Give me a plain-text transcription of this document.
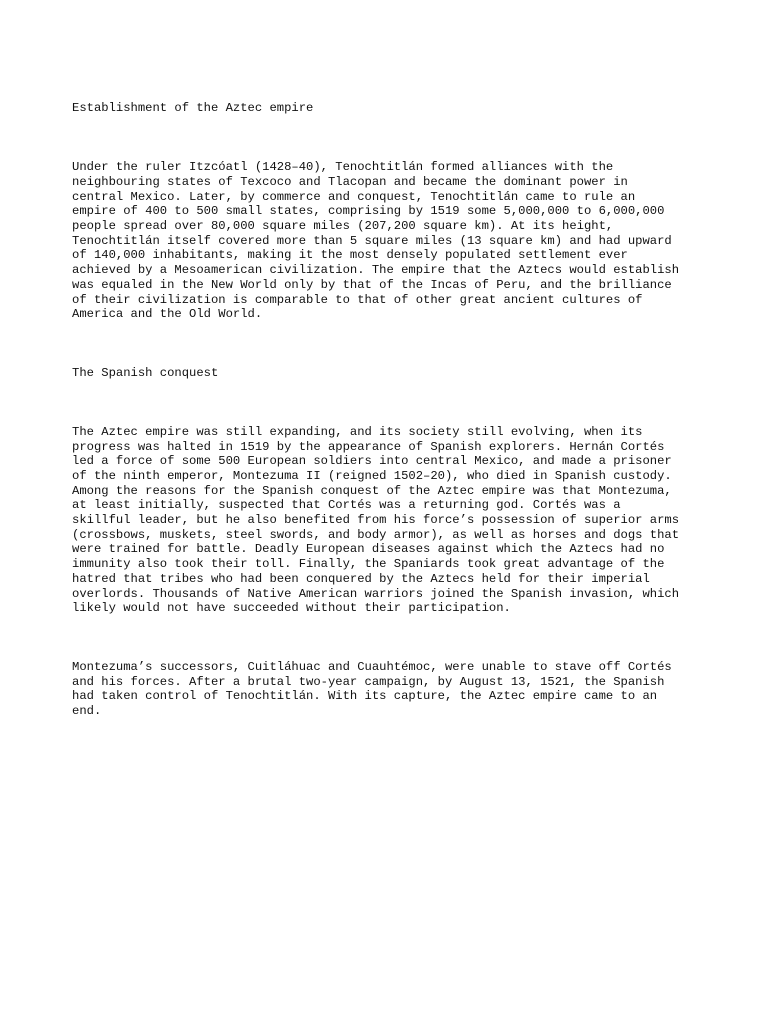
Establishment of the Aztec empire

Under the ruler Itzcóatl (1428–40), Tenochtitlán formed alliances with the
neighbouring states of Texcoco and Tlacopan and became the dominant power in
central Mexico. Later, by commerce and conquest, Tenochtitlán came to rule an
empire of 400 to 500 small states, comprising by 1519 some 5,000,000 to 6,000,000
people spread over 80,000 square miles (207,200 square km). At its height,
Tenochtitlán itself covered more than 5 square miles (13 square km) and had upward
of 140,000 inhabitants, making it the most densely populated settlement ever
achieved by a Mesoamerican civilization. The empire that the Aztecs would establish
was equaled in the New World only by that of the Incas of Peru, and the brilliance
of their civilization is comparable to that of other great ancient cultures of
America and the Old World.

The Spanish conquest

The Aztec empire was still expanding, and its society still evolving, when its
progress was halted in 1519 by the appearance of Spanish explorers. Hernán Cortés
led a force of some 500 European soldiers into central Mexico, and made a prisoner
of the ninth emperor, Montezuma II (reigned 1502–20), who died in Spanish custody.
Among the reasons for the Spanish conquest of the Aztec empire was that Montezuma,
at least initially, suspected that Cortés was a returning god. Cortés was a
skillful leader, but he also benefited from his force’s possession of superior arms
(crossbows, muskets, steel swords, and body armor), as well as horses and dogs that
were trained for battle. Deadly European diseases against which the Aztecs had no
immunity also took their toll. Finally, the Spaniards took great advantage of the
hatred that tribes who had been conquered by the Aztecs held for their imperial
overlords. Thousands of Native American warriors joined the Spanish invasion, which
likely would not have succeeded without their participation.

Montezuma’s successors, Cuitláhuac and Cuauhtémoc, were unable to stave off Cortés
and his forces. After a brutal two-year campaign, by August 13, 1521, the Spanish
had taken control of Tenochtitlán. With its capture, the Aztec empire came to an
end.
